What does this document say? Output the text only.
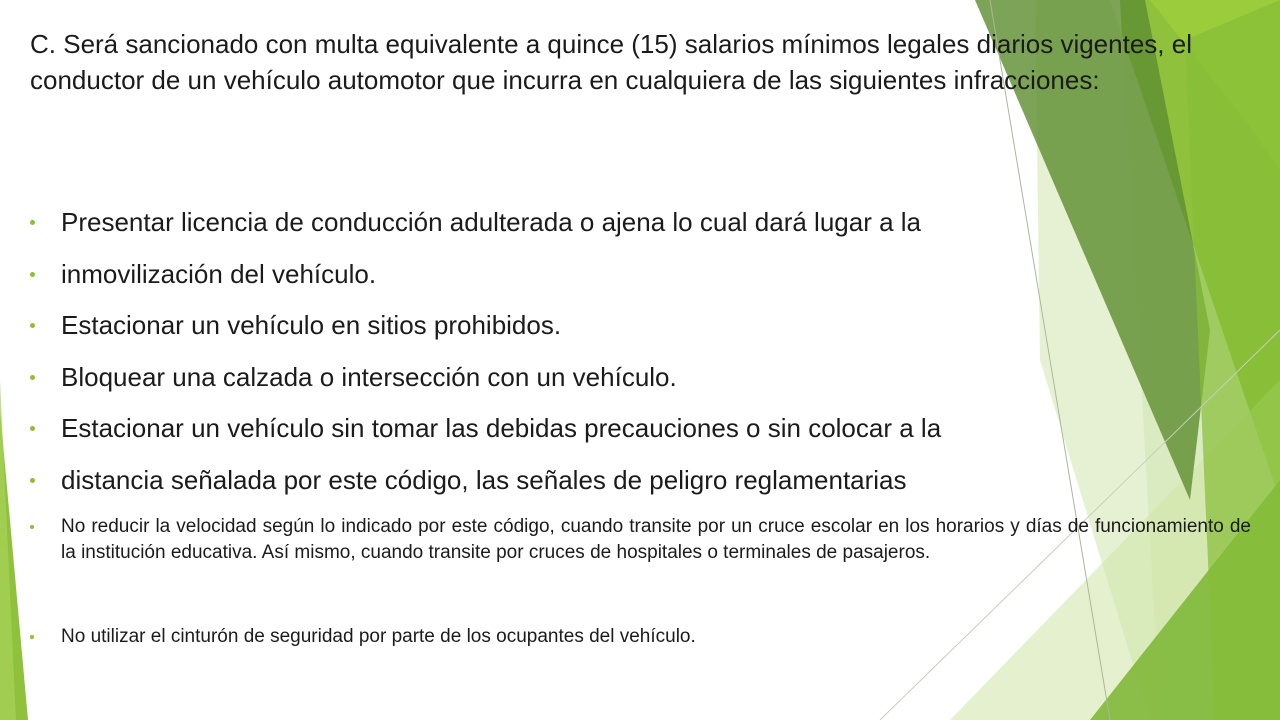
C. Será sancionado con multa equivalente a quince (15) salarios mínimos legales diarios vigentes, el conductor de un vehículo automotor que incurra en cualquiera de las siguientes infracciones:

Presentar licencia de conducción adulterada o ajena lo cual dará lugar a la
inmovilización del vehículo.
Estacionar un vehículo en sitios prohibidos.
Bloquear una calzada o intersección con un vehículo.
Estacionar un vehículo sin tomar las debidas precauciones o sin colocar a la
distancia señalada por este código, las señales de peligro reglamentarias
No reducir la velocidad según lo indicado por este código, cuando transite por un cruce escolar en los horarios y días de funcionamiento de la institución educativa. Así mismo, cuando transite por cruces de hospitales o terminales de pasajeros.
No utilizar el cinturón de seguridad por parte de los ocupantes del vehículo.
